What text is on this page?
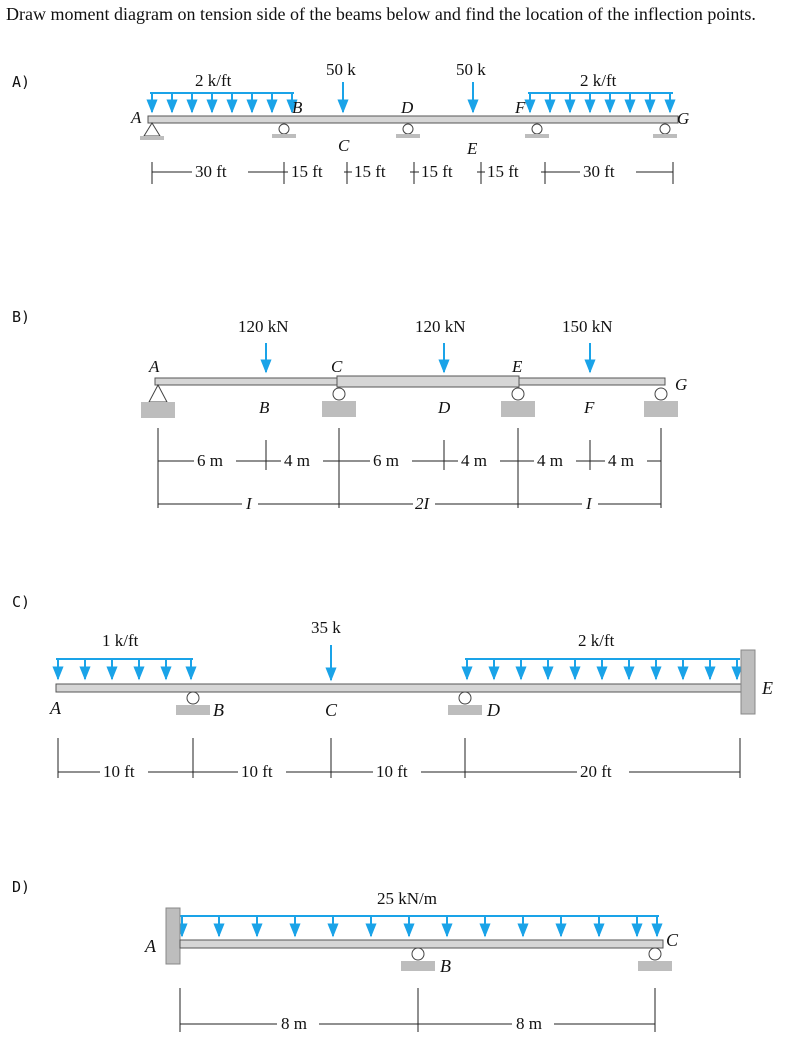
Draw moment diagram on tension side of the beams below and find the location of the inflection points.
A)
B)
C)
D)
2 k/ft	2 k/ft
50 k	50 k
A
B
C
D
E
F
G
30 ft	15 ft 15 ft 15 ft 15 ft	30 ft
120 kN	120 kN	150 kN
A
B
C
D
E
F
G
6 m	4 m	6 m	4 m	4 m	4 m
I	2I	I
1 k/ft
35 k
2 k/ft
A	B	C	D
E
10 ft	10 ft	10 ft	20 ft
25 kN/m
A
B
C
8 m	8 m
